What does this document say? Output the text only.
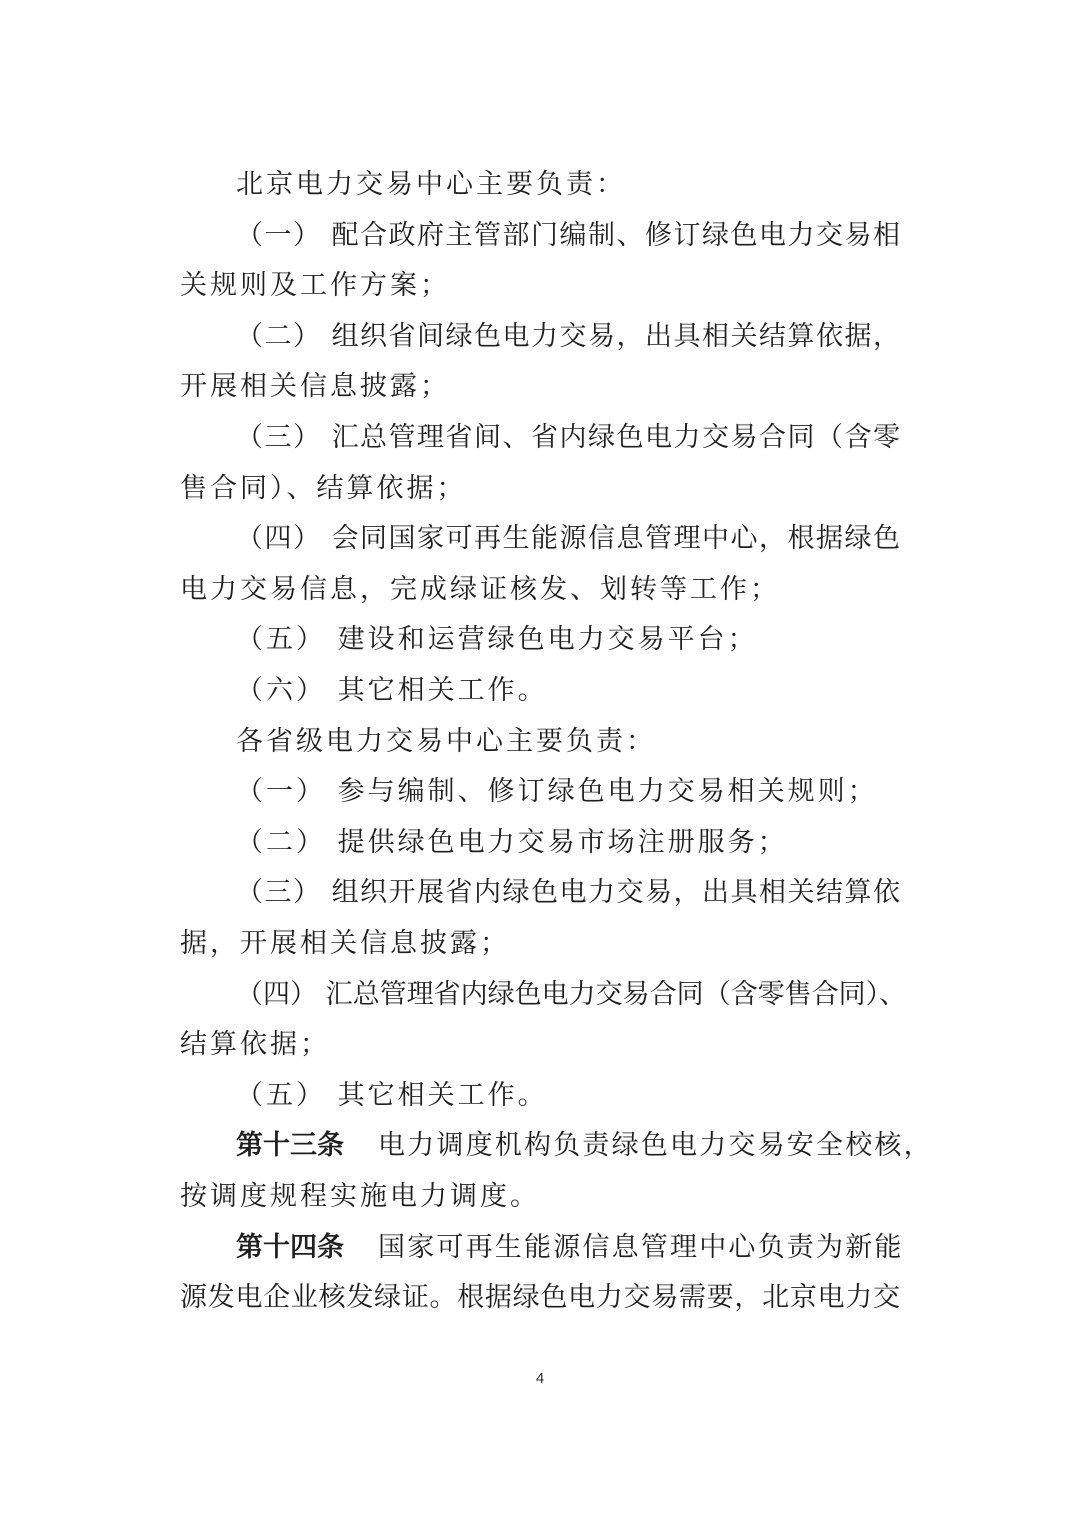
北京电力交易中心主要负责：
（一） 配合政府主管部门编制、修订绿色电力交易相
关规则及工作方案；
（二） 组织省间绿色电力交易，出具相关结算依据，
开展相关信息披露；
（三） 汇总管理省间、省内绿色电力交易合同（含零
售合同）、结算依据；
（四） 会同国家可再生能源信息管理中心，根据绿色
电力交易信息，完成绿证核发、划转等工作；
（五） 建设和运营绿色电力交易平台；
（六） 其它相关工作。
各省级电力交易中心主要负责：
（一） 参与编制、修订绿色电力交易相关规则；
（二） 提供绿色电力交易市场注册服务；
（三） 组织开展省内绿色电力交易，出具相关结算依
据，开展相关信息披露；
（四） 汇总管理省内绿色电力交易合同（含零售合同）、
结算依据；
（五） 其它相关工作。
第十三条 电力调度机构负责绿色电力交易安全校核，
按调度规程实施电力调度。
第十四条 国家可再生能源信息管理中心负责为新能
源发电企业核发绿证。根据绿色电力交易需要，北京电力交
4
